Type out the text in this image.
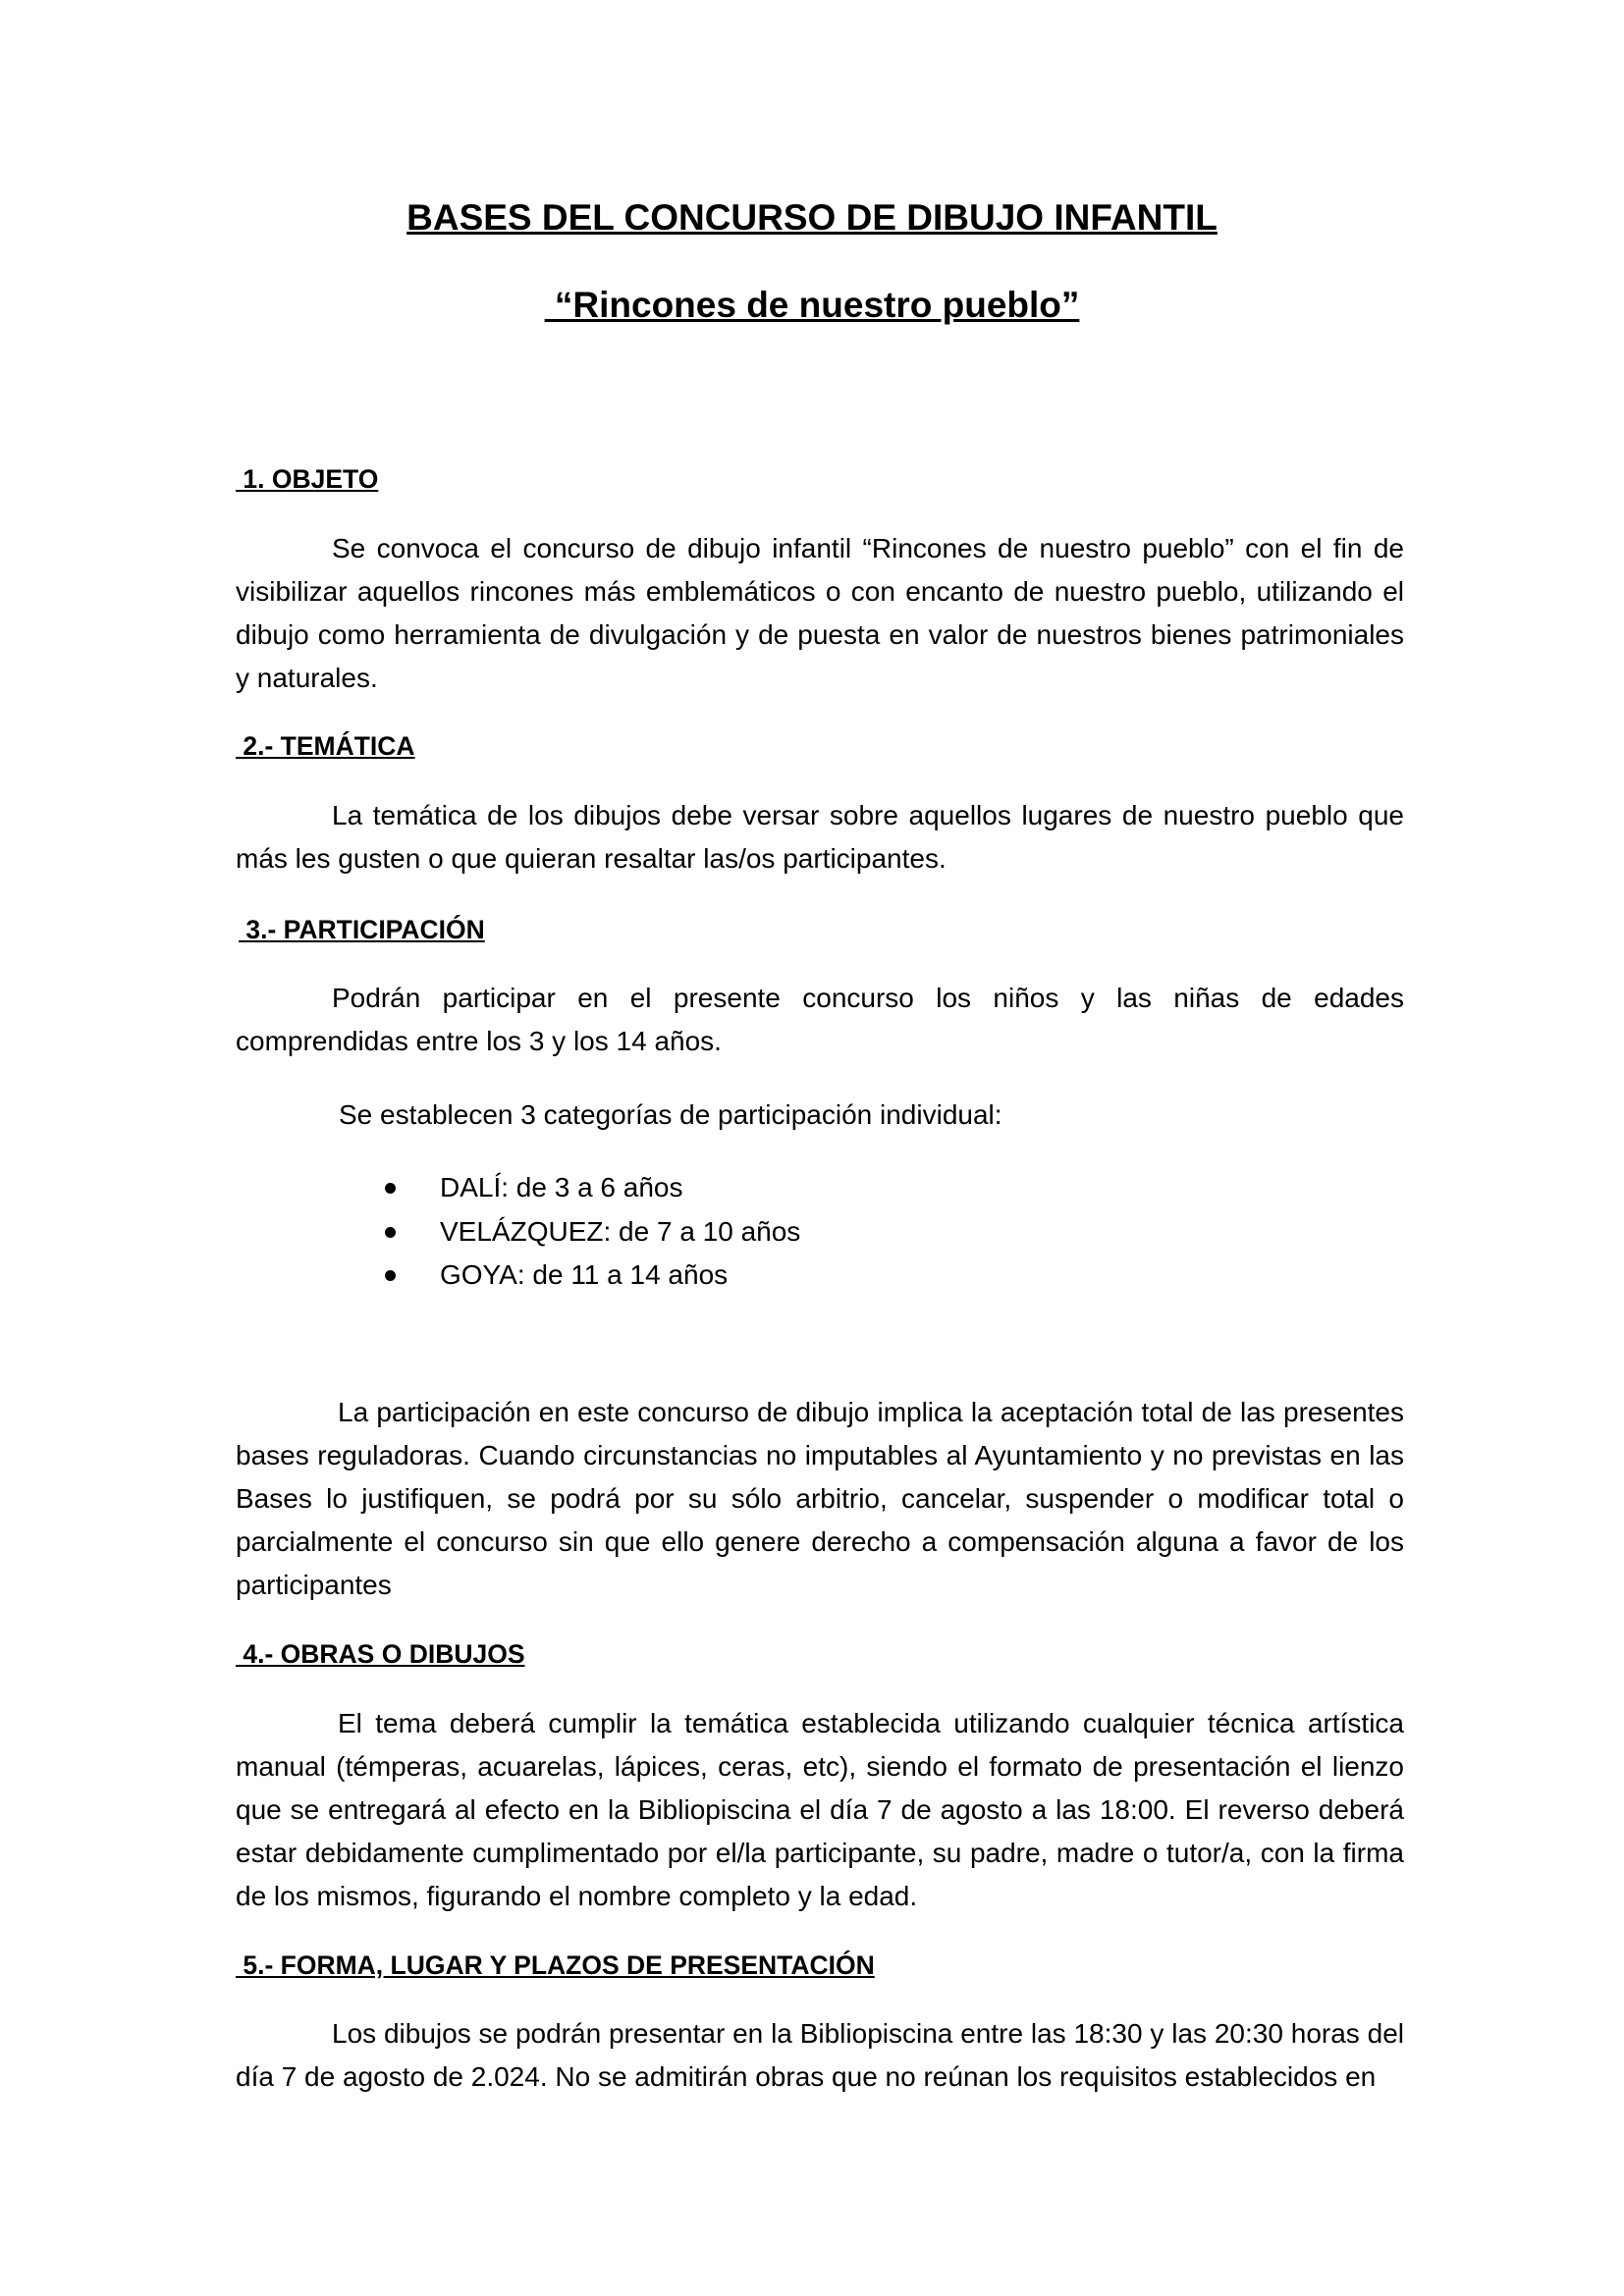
BASES DEL CONCURSO DE DIBUJO INFANTIL
“Rincones de nuestro pueblo”
1. OBJETO

Se convoca el concurso de dibujo infantil “Rincones de nuestro pueblo” con el fin de visibilizar aquellos rincones más emblemáticos o con encanto de nuestro pueblo, utilizando el dibujo como herramienta de divulgación y de puesta en valor de nuestros bienes patrimoniales y naturales.

2.- TEMÁTICA

La temática de los dibujos debe versar sobre aquellos lugares de nuestro pueblo que más les gusten o que quieran resaltar las/os participantes.

3.- PARTICIPACIÓN

Podrán participar en el presente concurso los niños y las niñas de edades comprendidas entre los 3 y los 14 años.

Se establecen 3 categorías de participación individual:
DALÍ: de 3 a 6 años
VELÁZQUEZ: de 7 a 10 años
GOYA: de 11 a 14 años

La participación en este concurso de dibujo implica la aceptación total de las presentes bases reguladoras. Cuando circunstancias no imputables al Ayuntamiento y no previstas en las Bases lo justifiquen, se podrá por su sólo arbitrio, cancelar, suspender o modificar total o parcialmente el concurso sin que ello genere derecho a compensación alguna a favor de los participantes

4.- OBRAS O DIBUJOS

El tema deberá cumplir la temática establecida utilizando cualquier técnica artística manual (témperas, acuarelas, lápices, ceras, etc), siendo el formato de presentación el lienzo que se entregará al efecto en la Bibliopiscina el día 7 de agosto a las 18:00. El reverso deberá estar debidamente cumplimentado por el/la participante, su padre, madre o tutor/a, con la firma de los mismos, figurando el nombre completo y la edad.

5.- FORMA, LUGAR Y PLAZOS DE PRESENTACIÓN

Los dibujos se podrán presentar en la Bibliopiscina entre las 18:30 y las 20:30 horas del día 7 de agosto de 2.024. No se admitirán obras que no reúnan los requisitos establecidos en
